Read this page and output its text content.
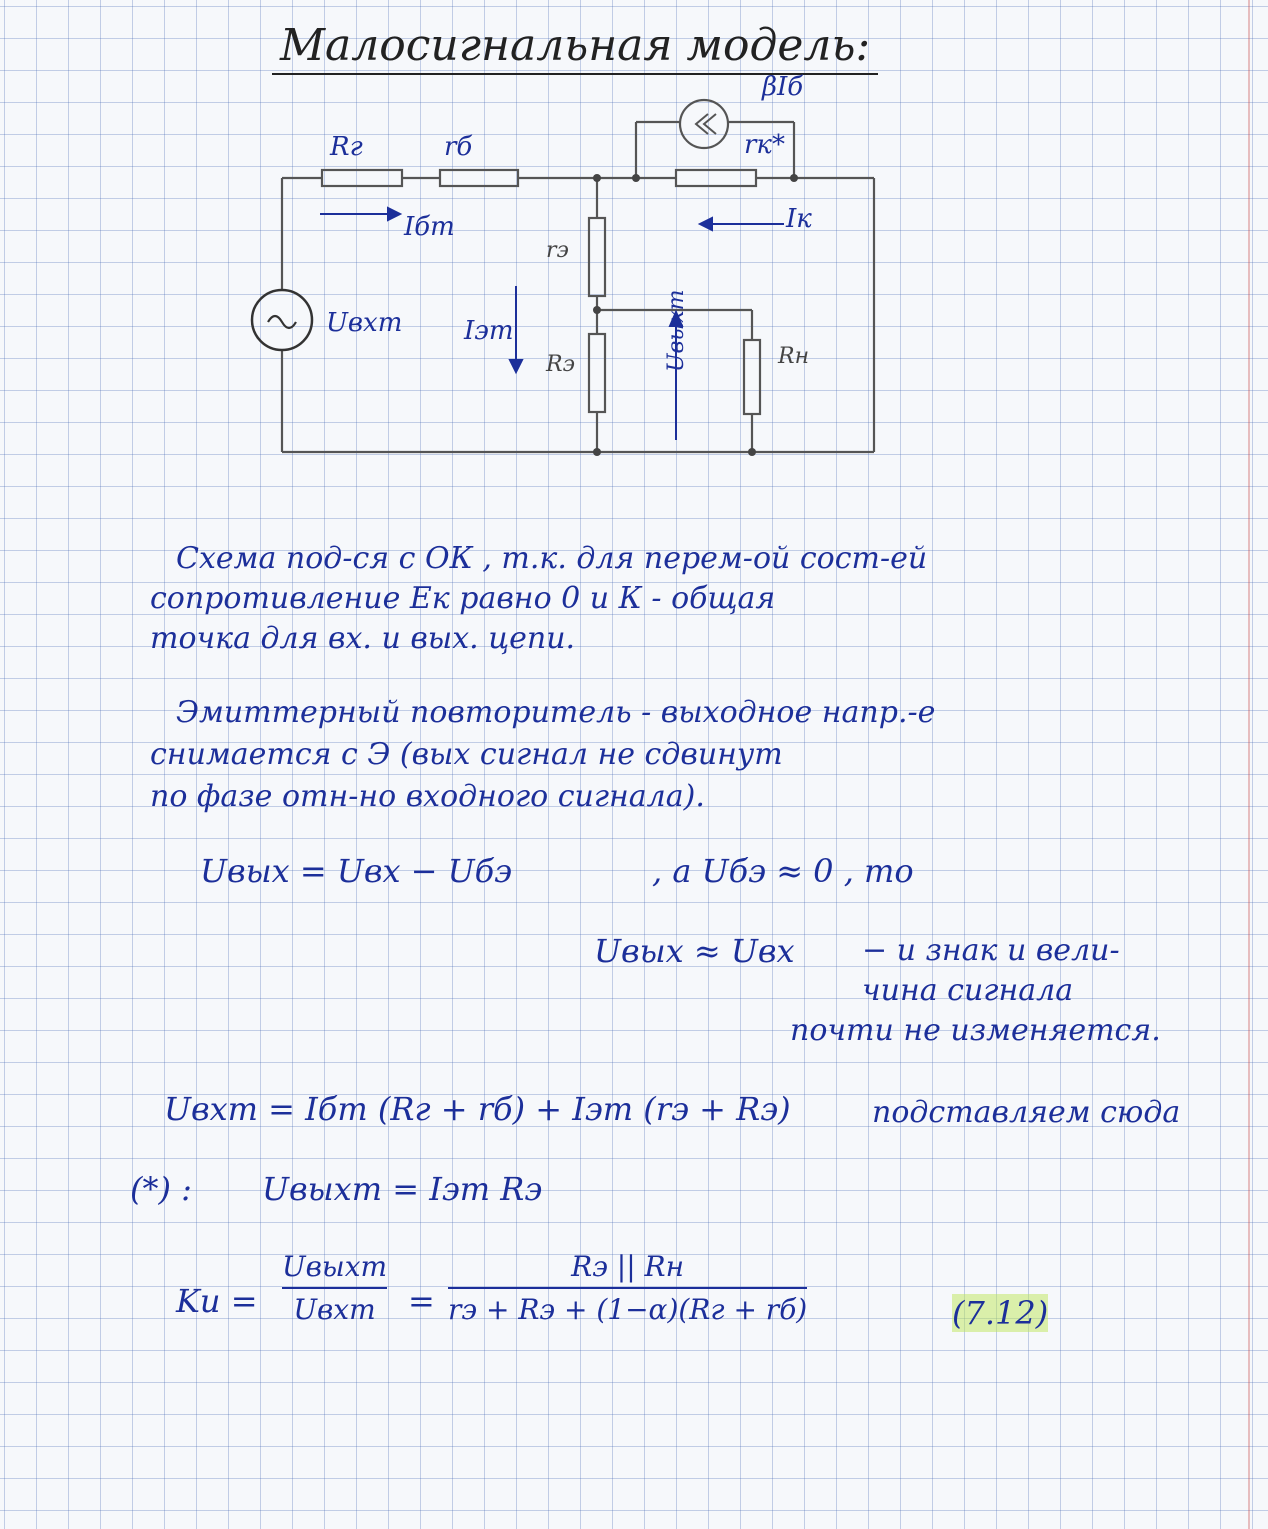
Малосигнальная модель:
Rг	rб
βIб
rк*
Iбm	Iк
rэ
Iэm
Rэ	Rн
Uвхm	Uвыхm
Схема под-ся с ОК , т.к. для перем-ой сост-ей
сопротивление Eк равно 0 и К - общая
точка для вх. и вых. цепи.
Эмиттерный повторитель - выходное напр.-е
снимается с Э (вых сигнал не сдвинут
по фазе отн-но входного сигнала).
Uвых = Uвх − Uбэ	, а Uбэ ≈ 0 , то
Uвых ≈ Uвх − и знак и вели-
чина сигнала
почти не изменяется.
Uвхm = Iбm (Rг + rб) + Iэm (rэ + Rэ)	подставляем сюда
(*) : Uвыхm = Iэm Rэ
Kи =
Uвыхm
Uвхm =
Rэ || Rн
rэ + Rэ + (1−α)(Rг + rб)	(7.12)
